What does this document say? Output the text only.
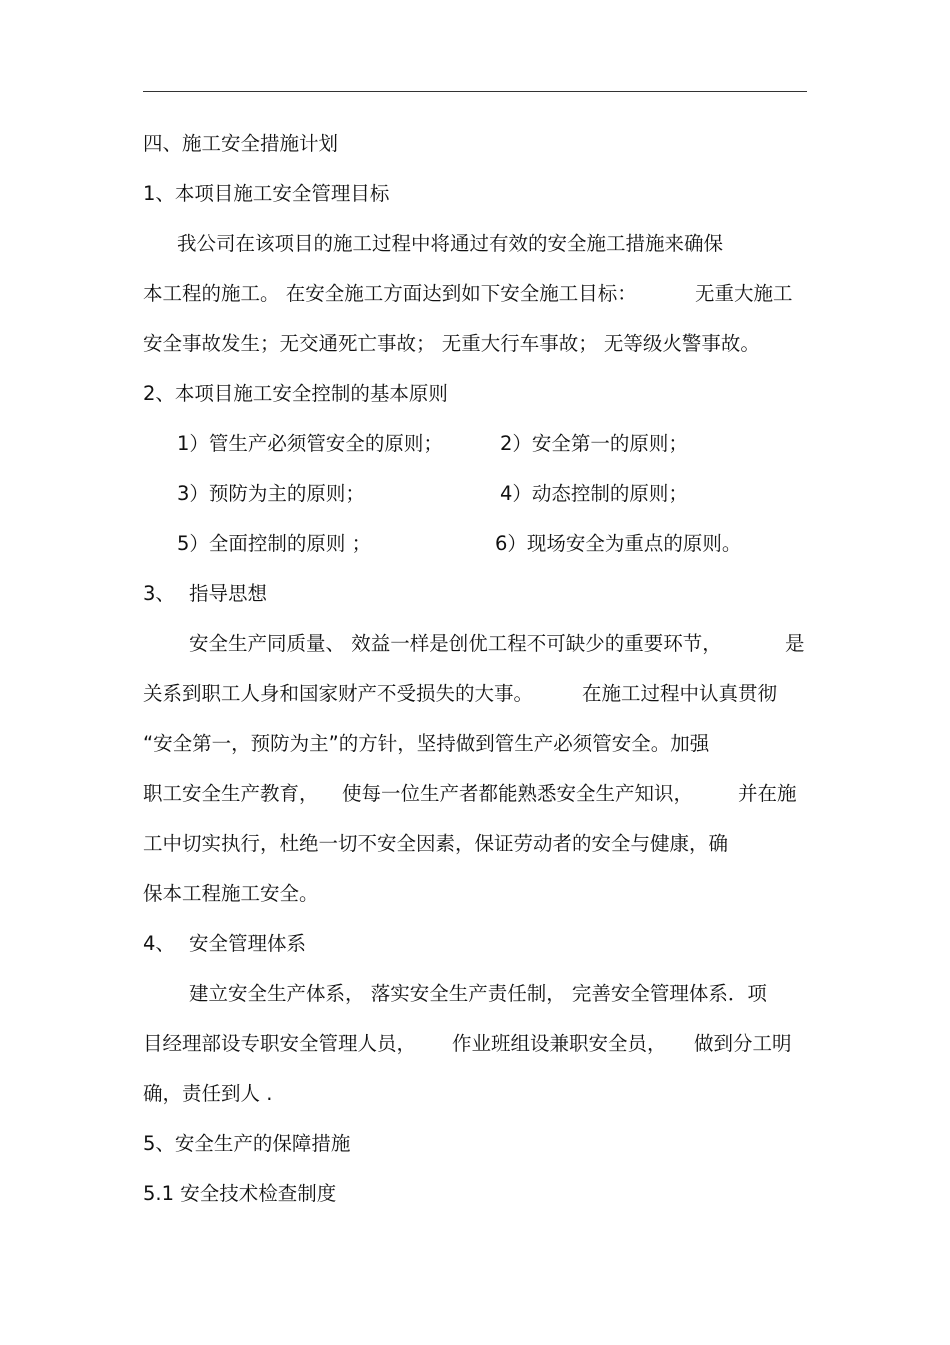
四、施工安全措施计划
1、本项目施工安全管理目标
我公司在该项目的施工过程中将通过有效的安全施工措施来确保
本工程的施工。 在安全施工方面达到如下安全施工目标：	无重大施工
安全事故发生；无交通死亡事故； 无重大行车事故； 无等级火警事故。
2、本项目施工安全控制的基本原则
1）管生产必须管安全的原则；	2）安全第一的原则；
3）预防为主的原则；	4）动态控制的原则；
5）全面控制的原则 ；	6）现场安全为重点的原则。
3、 指导思想
安全生产同质量、 效益一样是创优工程不可缺少的重要环节，	是
关系到职工人身和国家财产不受损失的大事。	在施工过程中认真贯彻
“安全第一，预防为主”的方针，坚持做到管生产必须管安全。加强
职工安全生产教育， 使每一位生产者都能熟悉安全生产知识， 并在施
工中切实执行，杜绝一切不安全因素，保证劳动者的安全与健康，确
保本工程施工安全。
4、 安全管理体系
建立安全生产体系， 落实安全生产责任制， 完善安全管理体系．项
目经理部设专职安全管理人员， 作业班组设兼职安全员， 做到分工明
确，责任到人 .
5、安全生产的保障措施
5.1 安全技术检查制度
